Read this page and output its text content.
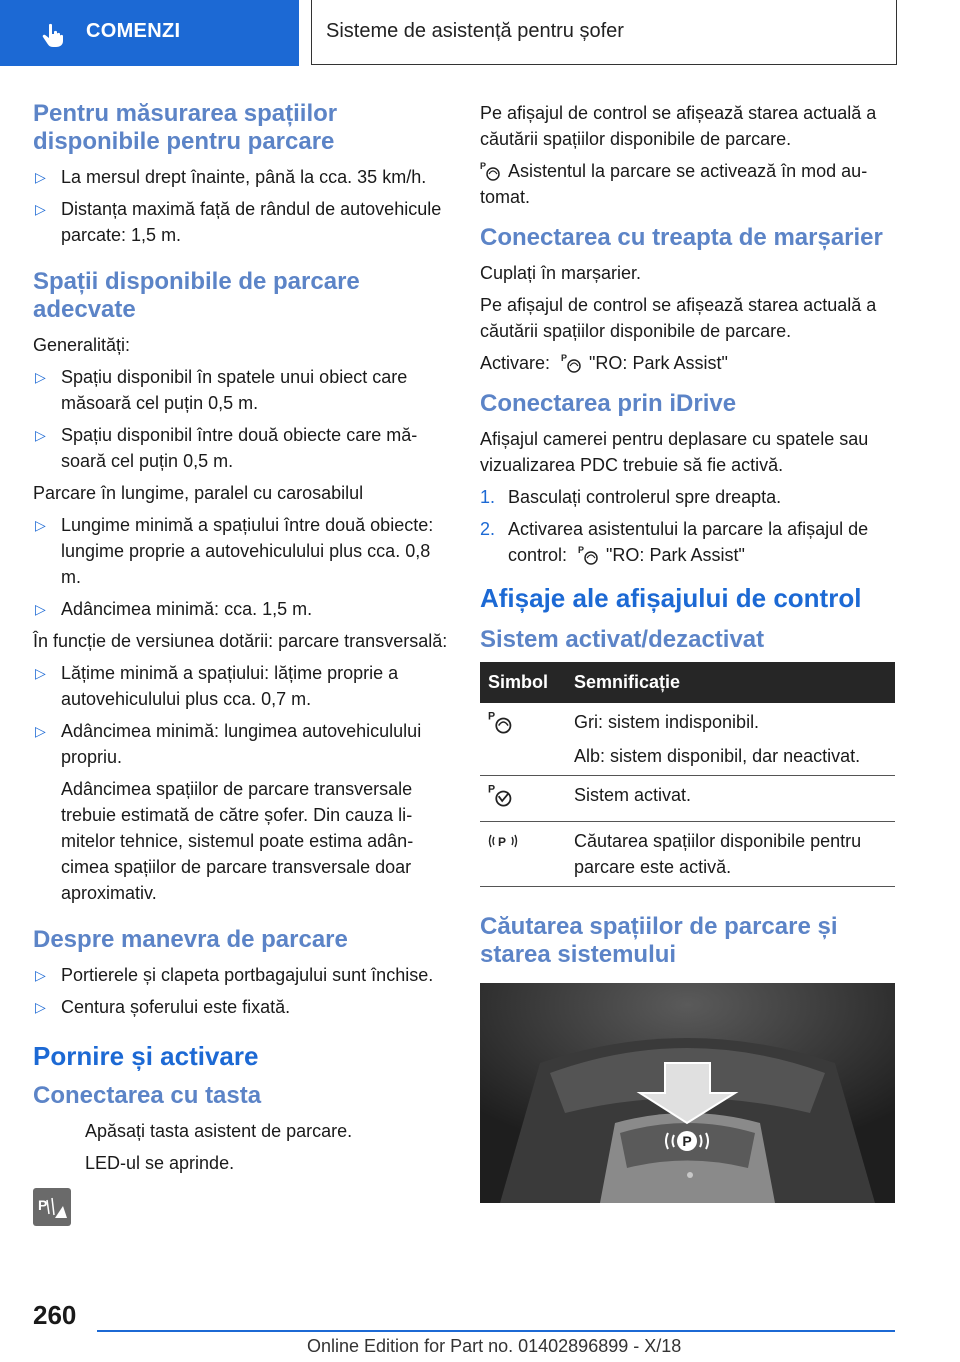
COMENZI	Sisteme de asistență pentru șofer
Pentru măsurarea spațiilor disponibile pentru parcare
▷ La mersul drept înainte, până la cca. 35 km/h.
▷ Distanța maximă față de rândul de autovehicule parcate: 1,5 m.
Spații disponibile de parcare adecvate
Generalități:
▷ Spațiu disponibil în spatele unui obiect care măsoară cel puțin 0,5 m.
▷ Spațiu disponibil între două obiecte care măsoară cel puțin 0,5 m.
Parcare în lungime, paralel cu carosabilul
▷ Lungime minimă a spațiului între două obiecte: lungime proprie a autovehiculului plus cca. 0,8 m.
▷ Adâncimea minimă: cca. 1,5 m.
În funcție de versiunea dotării: parcare transversală:
▷ Lățime minimă a spațiului: lățime proprie a autovehiculului plus cca. 0,7 m.
▷ Adâncimea minimă: lungimea autovehiculului propriu.
Adâncimea spațiilor de parcare transversale trebuie estimată de către șofer. Din cauza limitelor tehnice, sistemul poate estima adâncimea spațiilor de parcare transversale doar aproximativ.
Despre manevra de parcare
▷ Portierele și clapeta portbagajului sunt închise.
▷ Centura șoferului este fixată.
Pornire și activare
Conectarea cu tasta
Apăsați tasta asistent de parcare.
LED-ul se aprinde.
P
Pe afișajul de control se afișează starea actuală a căutării spațiilor disponibile de parcare.
P Asistentul la parcare se activează în mod automat.
Conectarea cu treapta de marșarier
Cuplați în marșarier.
Pe afișajul de control se afișează starea actuală a căutării spațiilor disponibile de parcare.
Activare: P "RO: Park Assist"
Conectarea prin iDrive
Afișajul camerei pentru deplasare cu spatele sau vizualizarea PDC trebuie să fie activă.
1. Basculați controlerul spre dreapta.
2. Activarea asistentului la parcare la afișajul de
control: P "RO: Park Assist"
Afișaje ale afișajului de control
Sistem activat/dezactivat
Simbol	Semnificație

P	Gri: sistem indisponibil.
Alb: sistem disponibil, dar neactivat.

P	Sistem activat.

P	Căutarea spațiilor disponibile pentru parcare este activă.
Căutarea spațiilor de parcare și starea sistemului
P
260
Online Edition for Part no. 01402896899 - X/18
